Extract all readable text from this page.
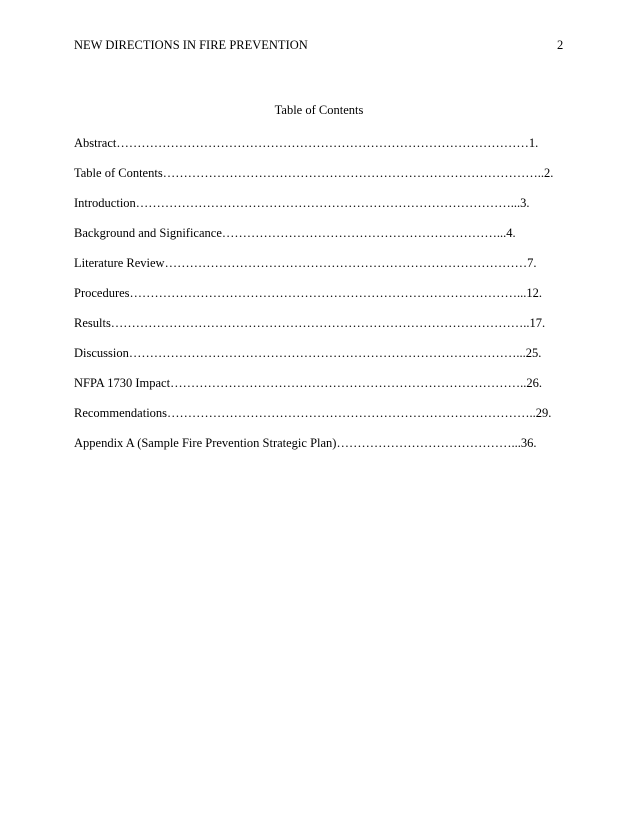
NEW DIRECTIONS IN FIRE PREVENTION	2
Table of Contents
Abstract………………………………………………………………………………………1.
Table of Contents………………………………………………………………………………..2.
Introduction………………………………………………………………………………...3.
Background and Significance…………………………………………………………...4.
Literature Review……………………………………………………………………………7.
Procedures…………………………………………………………………………………...12.
Results………………………………………………………………………………………..17.
Discussion…………………………………………………………………………………...25.
NFPA 1730 Impact…………………………………………………………………………..26.
Recommendations……………………………………………………………………………..29.
Appendix A (Sample Fire Prevention Strategic Plan)……………………………………...36.
